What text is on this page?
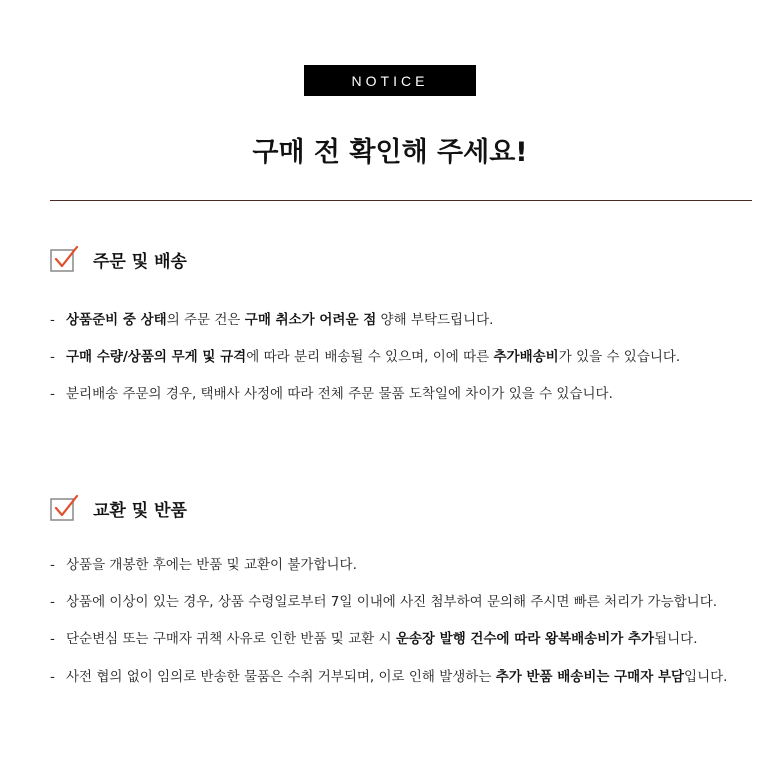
NOTICE
구매 전 확인해 주세요!
주문 및 배송
- 상품준비 중 상태의 주문 건은 구매 취소가 어려운 점 양해 부탁드립니다.
- 구매 수량/상품의 무게 및 규격에 따라 분리 배송될 수 있으며, 이에 따른 추가배송비가 있을 수 있습니다.
- 분리배송 주문의 경우, 택배사 사정에 따라 전체 주문 물품 도착일에 차이가 있을 수 있습니다.
교환 및 반품
- 상품을 개봉한 후에는 반품 및 교환이 불가합니다.
- 상품에 이상이 있는 경우, 상품 수령일로부터 7일 이내에 사진 첨부하여 문의해 주시면 빠른 처리가 가능합니다.
- 단순변심 또는 구매자 귀책 사유로 인한 반품 및 교환 시 운송장 발행 건수에 따라 왕복배송비가 추가됩니다.
- 사전 협의 없이 임의로 반송한 물품은 수취 거부되며, 이로 인해 발생하는 추가 반품 배송비는 구매자 부담입니다.
